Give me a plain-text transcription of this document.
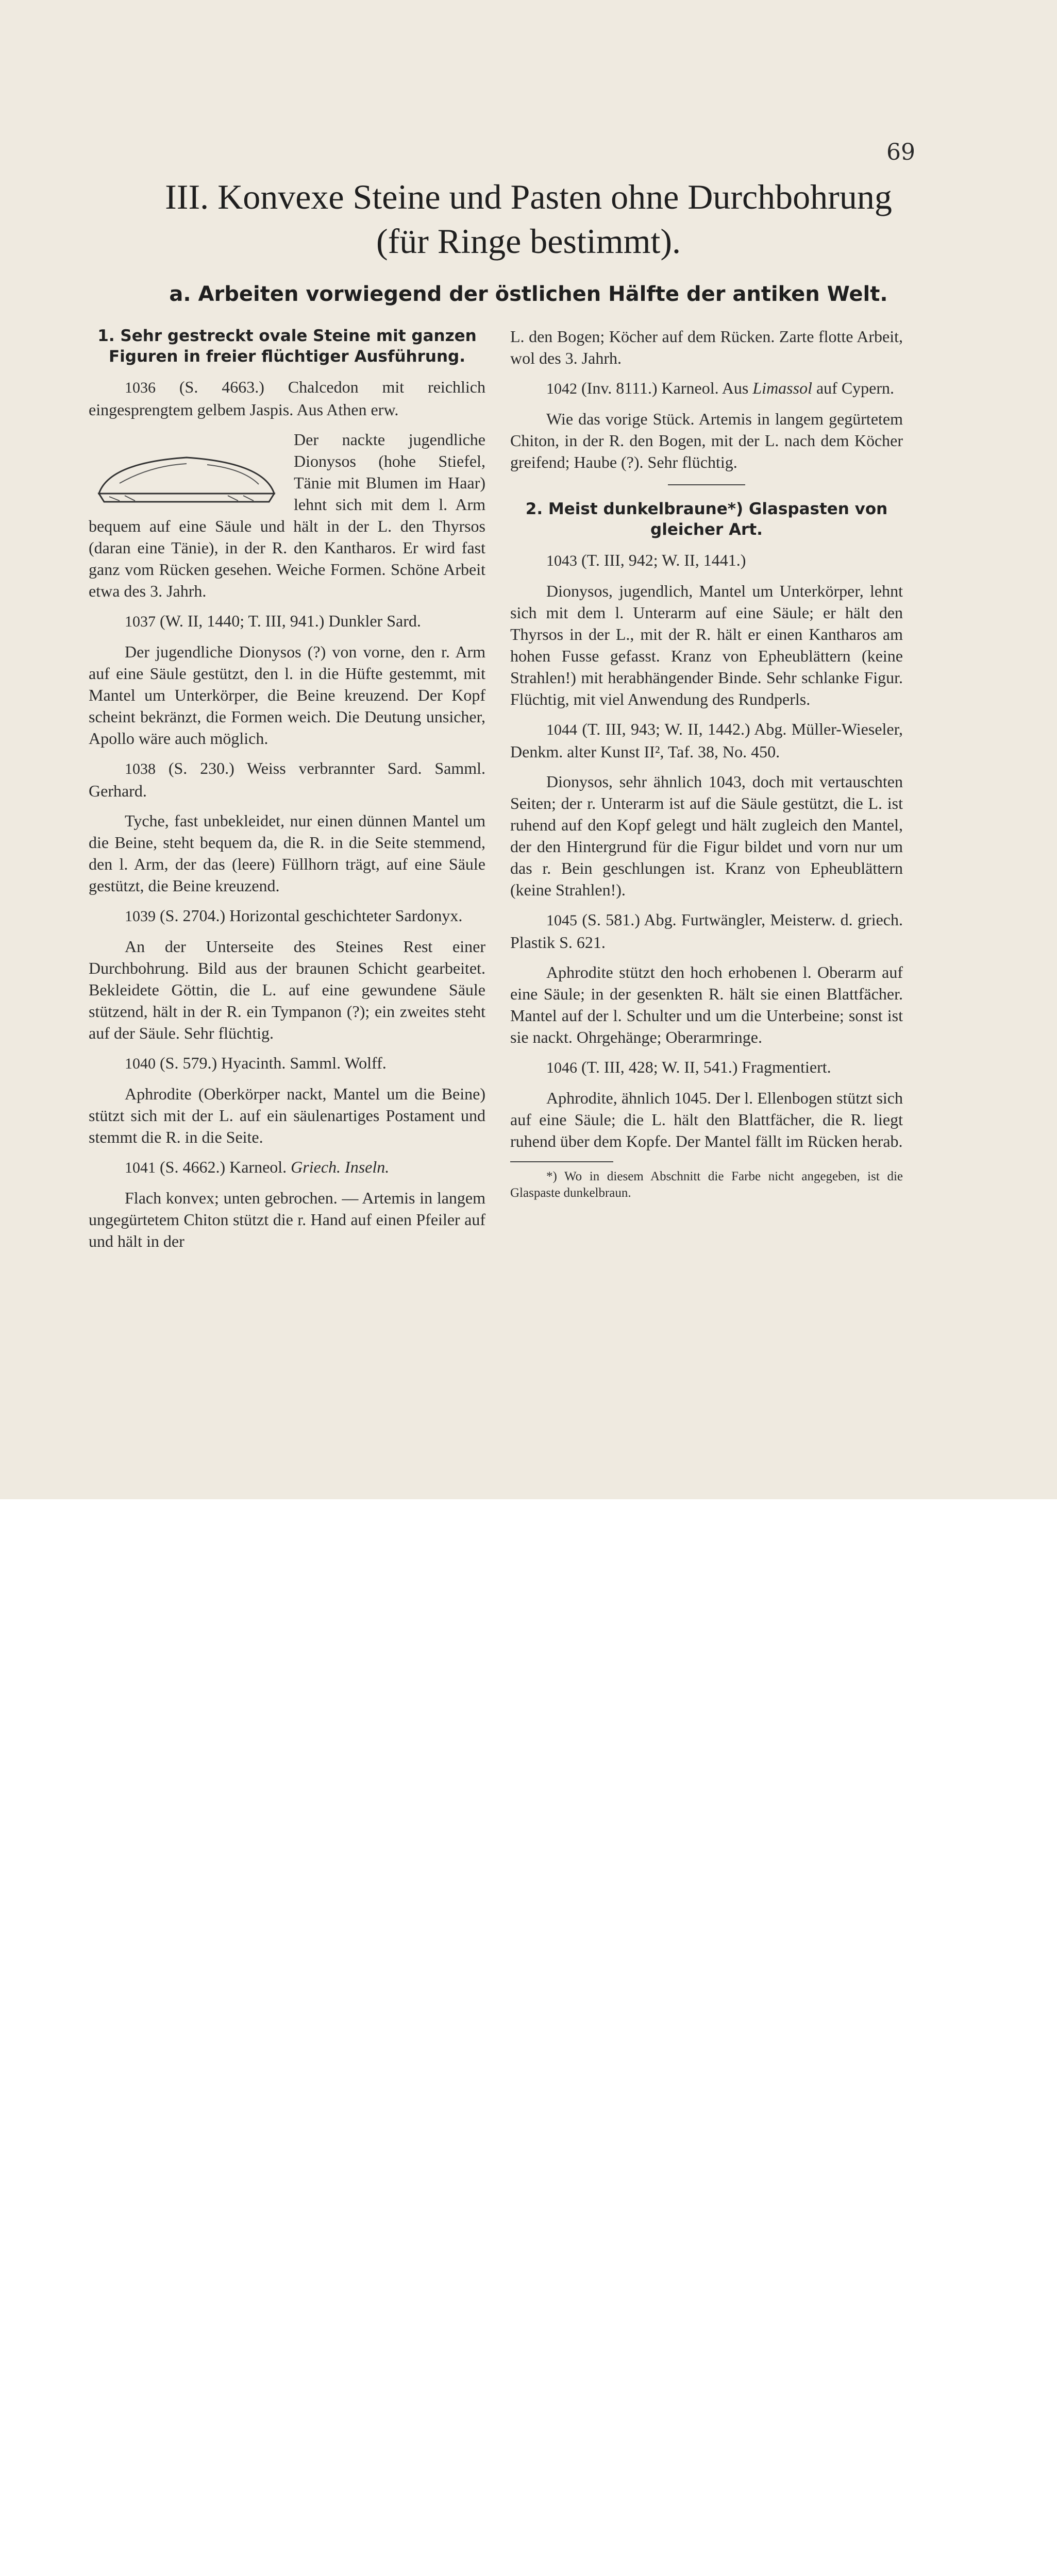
69
III. Konvexe Steine und Pasten ohne Durchbohrung
(für Ringe bestimmt).
a. Arbeiten vorwiegend der östlichen Hälfte der antiken Welt.
1. Sehr gestreckt ovale Steine mit ganzen Figuren in freier flüchtiger Ausführung.

1036 (S. 4663.) Chalcedon mit reichlich eingesprengtem gelbem Jaspis. Aus Athen erw.

Der nackte jugendliche Dionysos (hohe Stiefel, Tänie mit Blumen im Haar) lehnt sich mit dem l. Arm bequem auf eine Säule und hält in der L. den Thyrsos (daran eine Tänie), in der R. den Kantharos. Er wird fast ganz vom Rücken gesehen. Weiche Formen. Schöne Arbeit etwa des 3. Jahrh.

1037 (W. II, 1440; T. III, 941.) Dunkler Sard.

Der jugendliche Dionysos (?) von vorne, den r. Arm auf eine Säule gestützt, den l. in die Hüfte gestemmt, mit Mantel um Unterkörper, die Beine kreuzend. Der Kopf scheint bekränzt, die Formen weich. Die Deutung unsicher, Apollo wäre auch möglich.

1038 (S. 230.) Weiss verbrannter Sard. Samml. Gerhard.

Tyche, fast unbekleidet, nur einen dünnen Mantel um die Beine, steht bequem da, die R. in die Seite stemmend, den l. Arm, der das (leere) Füllhorn trägt, auf eine Säule gestützt, die Beine kreuzend.

1039 (S. 2704.) Horizontal geschichteter Sardonyx.

An der Unterseite des Steines Rest einer Durchbohrung. Bild aus der braunen Schicht gearbeitet. Bekleidete Göttin, die L. auf eine gewundene Säule stützend, hält in der R. ein Tympanon (?); ein zweites steht auf der Säule. Sehr flüchtig.

1040 (S. 579.) Hyacinth. Samml. Wolff.

Aphrodite (Oberkörper nackt, Mantel um die Beine) stützt sich mit der L. auf ein säulenartiges Postament und stemmt die R. in die Seite.

1041 (S. 4662.) Karneol. Griech. Inseln.

Flach konvex; unten gebrochen. — Artemis in langem ungegürtetem Chiton stützt die r. Hand auf einen Pfeiler auf und hält in der

L. den Bogen; Köcher auf dem Rücken. Zarte flotte Arbeit, wol des 3. Jahrh.

1042 (Inv. 8111.) Karneol. Aus Limassol auf Cypern.

Wie das vorige Stück. Artemis in langem gegürtetem Chiton, in der R. den Bogen, mit der L. nach dem Köcher greifend; Haube (?). Sehr flüchtig.

2. Meist dunkelbraune*) Glaspasten von gleicher Art.

1043 (T. III, 942; W. II, 1441.)

Dionysos, jugendlich, Mantel um Unterkörper, lehnt sich mit dem l. Unterarm auf eine Säule; er hält den Thyrsos in der L., mit der R. hält er einen Kantharos am hohen Fusse gefasst. Kranz von Epheublättern (keine Strahlen!) mit herabhängender Binde. Sehr schlanke Figur. Flüchtig, mit viel Anwendung des Rundperls.

1044 (T. III, 943; W. II, 1442.) Abg. Müller-Wieseler, Denkm. alter Kunst II², Taf. 38, No. 450.

Dionysos, sehr ähnlich 1043, doch mit vertauschten Seiten; der r. Unterarm ist auf die Säule gestützt, die L. ist ruhend auf den Kopf gelegt und hält zugleich den Mantel, der den Hintergrund für die Figur bildet und vorn nur um das r. Bein geschlungen ist. Kranz von Epheublättern (keine Strahlen!).

1045 (S. 581.) Abg. Furtwängler, Meisterw. d. griech. Plastik S. 621.

Aphrodite stützt den hoch erhobenen l. Oberarm auf eine Säule; in der gesenkten R. hält sie einen Blattfächer. Mantel auf der l. Schulter und um die Unterbeine; sonst ist sie nackt. Ohrgehänge; Oberarmringe.

1046 (T. III, 428; W. II, 541.) Fragmentiert.

Aphrodite, ähnlich 1045. Der l. Ellenbogen stützt sich auf eine Säule; die L. hält den Blattfächer, die R. liegt ruhend über dem Kopfe. Der Mantel fällt im Rücken herab.

*) Wo in diesem Abschnitt die Farbe nicht angegeben, ist die Glaspaste dunkelbraun.
